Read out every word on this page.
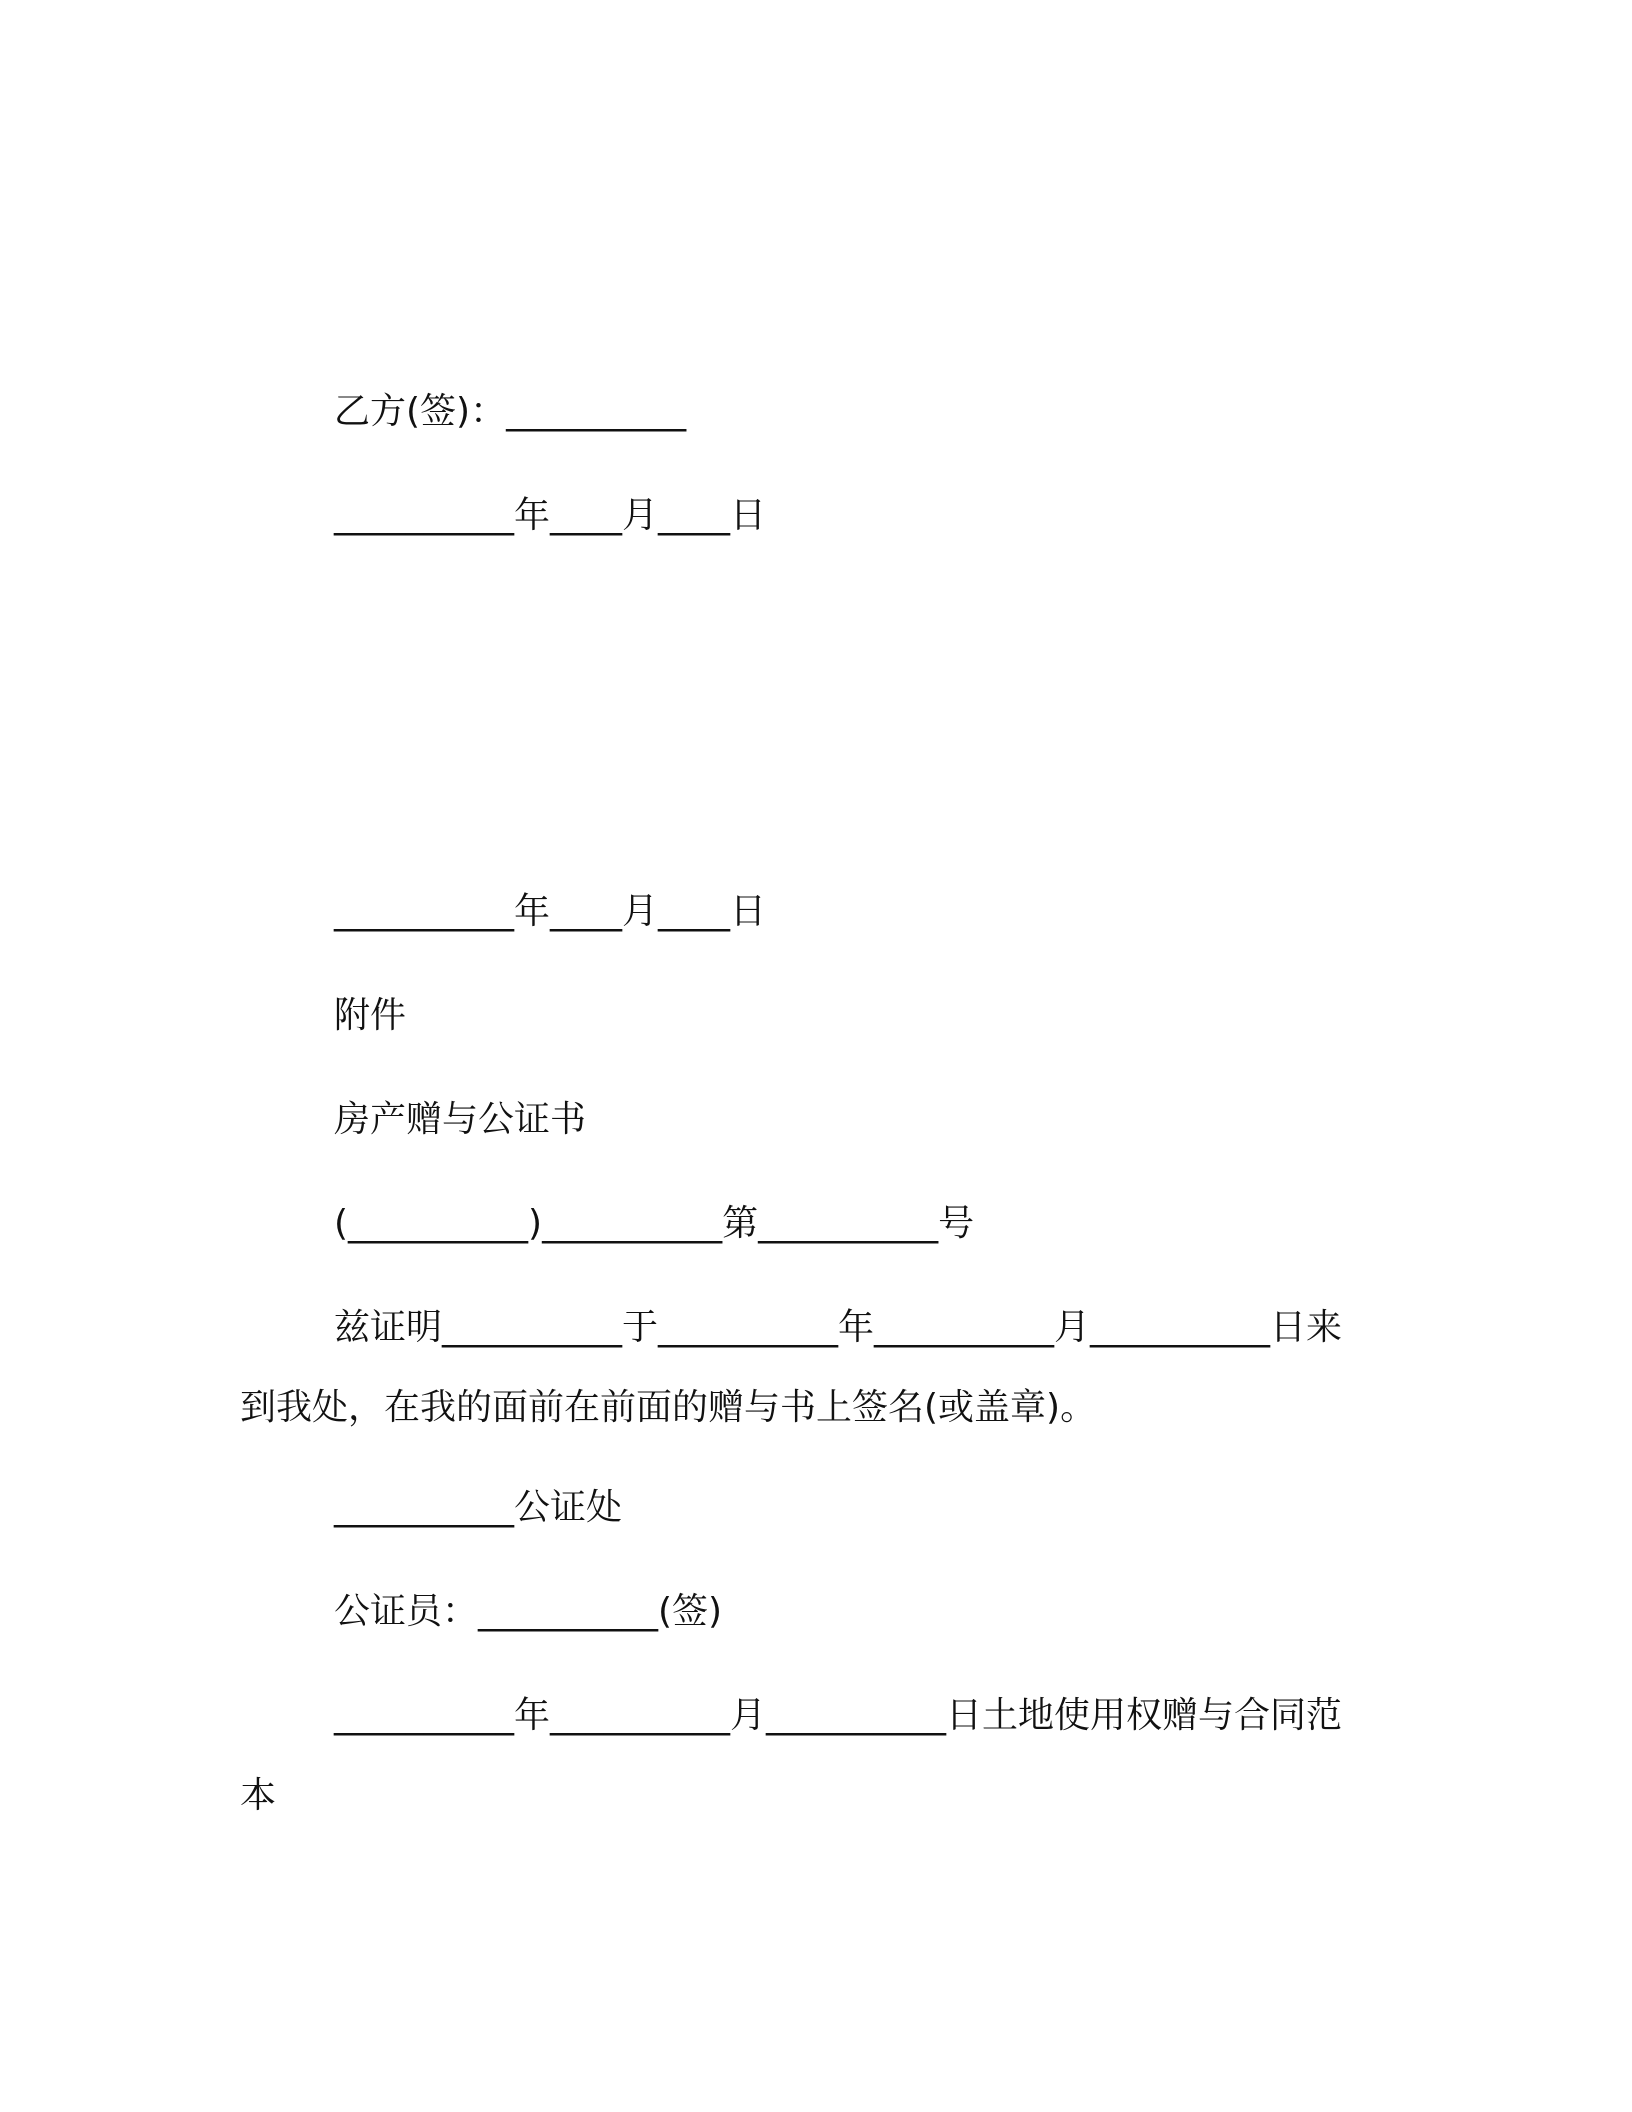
乙方(签)：__________
__________年____月____日
__________年____月____日
附件
房产赠与公证书
(__________)__________第__________号
兹证明__________于__________年__________月__________日来
到我处，在我的面前在前面的赠与书上签名(或盖章)。
__________公证处
公证员：__________(签)
__________年__________月__________日土地使用权赠与合同范
本
